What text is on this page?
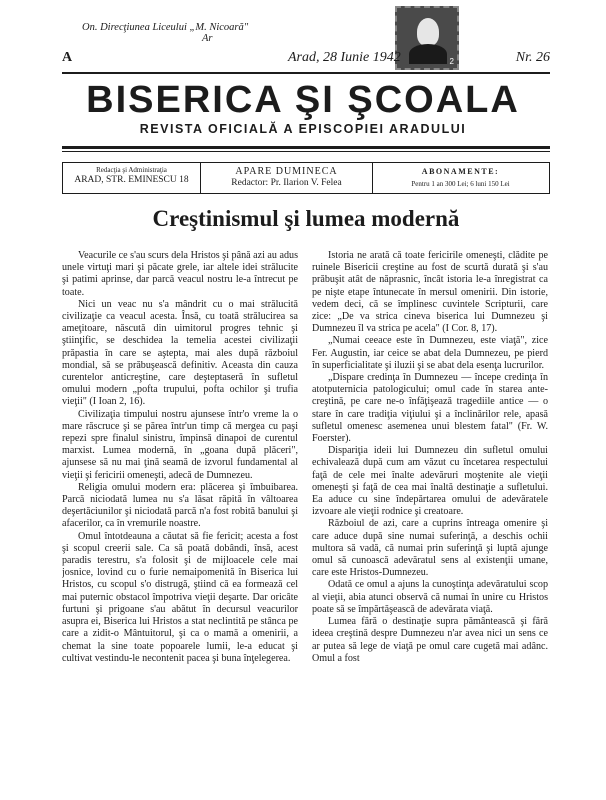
On. Direcţiunea Liceului „M. Nicoară"
Ar
2
A	Arad, 28 Iunie 1942	Nr. 26
BISERICA ŞI ŞCOALA
REVISTA OFICIALĂ A EPISCOPIEI ARADULUI
Redacţia şi Administraţia
ARAD, STR. EMINESCU 18
APARE DUMINECA
Redactor: Pr. Ilarion V. Felea
ABONAMENTE:
Pentru 1 an 300 Lei; 6 luni 150 Lei
Creştinismul şi lumea modernă

Veacurile ce s'au scurs dela Hristos şi până azi au adus unele virtuţi mari şi păcate grele, iar altele idei strălucite şi patimi aprinse, dar parcă veacul nostru le-a întrecut pe toate.

Nici un veac nu s'a mândrit cu o mai strălucită civilizaţie ca veacul acesta. Însă, cu toată strălucirea sa ameţitoare, născută din uimitorul progres tehnic şi ştiinţific, se deschidea la temelia acestei civilizaţii prăpastia în care se aştepta, mai ales după războiul mondial, să se prăbuşească definitiv. Aceasta din cauza curentelor anticreştine, care deşteptaseră în sufletul omului modern „pofta trupului, pofta ochilor şi trufia vieţii" (I Ioan 2, 16).

Civilizaţia timpului nostru ajunsese într'o vreme la o mare răscruce şi se părea într'un timp că mergea cu paşi repezi spre finalul sinistru, împinsă dinapoi de curentul marxist. Lumea modernă, în „goana după plăceri", ajunsese să nu mai ţină seamă de izvorul fundamental al vieţii şi fericirii omeneşti, adecă de Dumnezeu.

Religia omului modern era: plăcerea şi îmbuibarea. Parcă niciodată lumea nu s'a lăsat răpită în vâltoarea deşertăciunilor şi niciodată parcă n'a fost robită banului şi afacerilor, ca în vremurile noastre.

Omul întotdeauna a căutat să fie fericit; acesta a fost şi scopul creerii sale. Ca să poată dobândi, însă, acest paradis terestru, s'a folosit şi de mijloacele cele mai josnice, lovind cu o furie nemaipomenită în Biserica lui Hristos, cu scopul s'o distrugă, ştiind că ea formează cel mai puternic obstacol împotriva vieţii deşarte. Dar oricâte furtuni şi prigoane s'au abătut în decursul veacurilor asupra ei, Biserica lui Hristos a stat neclintită pe stânca pe care a zidit-o Mântuitorul, şi ca o mamă a omenirii, a chemat la sine toate popoarele lumii, le-a educat şi cultivat vestindu-le necontenit pacea şi buna înţelegerea.

Istoria ne arată că toate fericirile omeneşti, clădite pe ruinele Bisericii creştine au fost de scurtă durată şi s'au prăbuşit atât de năprasnic, încât istoria le-a înregistrat ca pe nişte etape întunecate în mersul omenirii. Din istorie, vedem deci, că se împlinesc cuvintele Scripturii, care zice: „De va strica cineva biserica lui Dumnezeu şi Dumnezeu îl va strica pe acela" (I Cor. 8, 17).

„Numai ceeace este în Dumnezeu, este viaţă", zice Fer. Augustin, iar ceice se abat dela Dumnezeu, pe pierd în superficialitate şi iluzii şi se abat dela esenţa lucrurilor.

„Dispare credinţa în Dumnezeu — începe credinţa în atotputernicia patologicului; omul cade în starea ante-creştină, pe care ne-o înfăţişează tragediile antice — o stare în care tradiţia viţiului şi a înclinărilor rele, apasă sufletul omenesc asemenea unui blestem fatal" (Fr. W. Foerster).

Dispariţia ideii lui Dumnezeu din sufletul omului echivalează după cum am văzut cu încetarea respectului faţă de cele mei înalte adevăruri moştenite ale vieţii omeneşti şi faţă de cea mai înaltă destinaţie a sufletului. Ea aduce cu sine îndepărtarea omului de adevăratele izvoare ale vieţii rodnice şi creatoare.

Războiul de azi, care a cuprins întreaga omenire şi care aduce după sine numai suferinţă, a deschis ochii multora să vadă, că numai prin suferinţă şi luptă ajunge omul să cunoască adevăratul sens al existenţii umane, care este Hristos-Dumnezeu.

Odată ce omul a ajuns la cunoştinţa adevăratului scop al vieţii, abia atunci observă că numai în unire cu Hristos poate să se împărtăşească de adevărata viaţă.

Lumea fără o destinaţie supra pământească şi fără ideea creştină despre Dumnezeu n'ar avea nici un sens ce ar putea să lege de viaţă pe omul care cugetă mai adânc. Omul a fost
